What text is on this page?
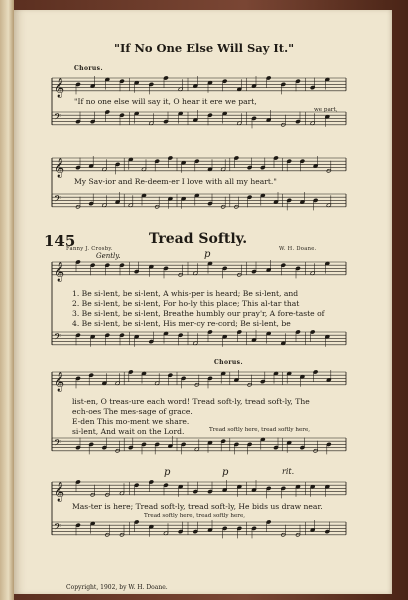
𝄞
𝄢
𝄞
𝄢
𝄞
𝄢
𝄞
𝄢
𝄞
𝄢
"If No One Else Will Say It."
Chorus.
"If no one else will say it, O hear it ere we part,
we part,
My Sav-ior and Re-deem-er I love with all my heart."
145	Tread Softly.
Fanny J. Crosby.	W. H. Doane.
Gently.	p
1. Be si-lent, be si-lent, A whis-per is heard; Be si-lent, and
2. Be si-lent, be si-lent, For ho-ly this place; This al-tar that
3. Be si-lent, be si-lent, Breathe humbly our pray'r, A fore-taste of
4. Be si-lent, be si-lent, His mer-cy re-cord; Be si-lent, be
Chorus.
list-en, O treas-ure each word! Tread soft-ly, tread soft-ly, The
ech-oes The mes-sage of grace.
E-den This mo-ment we share.
si-lent, And wait on the Lord.	Tread softly here, tread softly here,
p	p	rit.
Mas-ter is here; Tread soft-ly, tread soft-ly, He bids us draw near.
Tread softly here, tread softly here,
Copyright, 1902, by W. H. Doane.
